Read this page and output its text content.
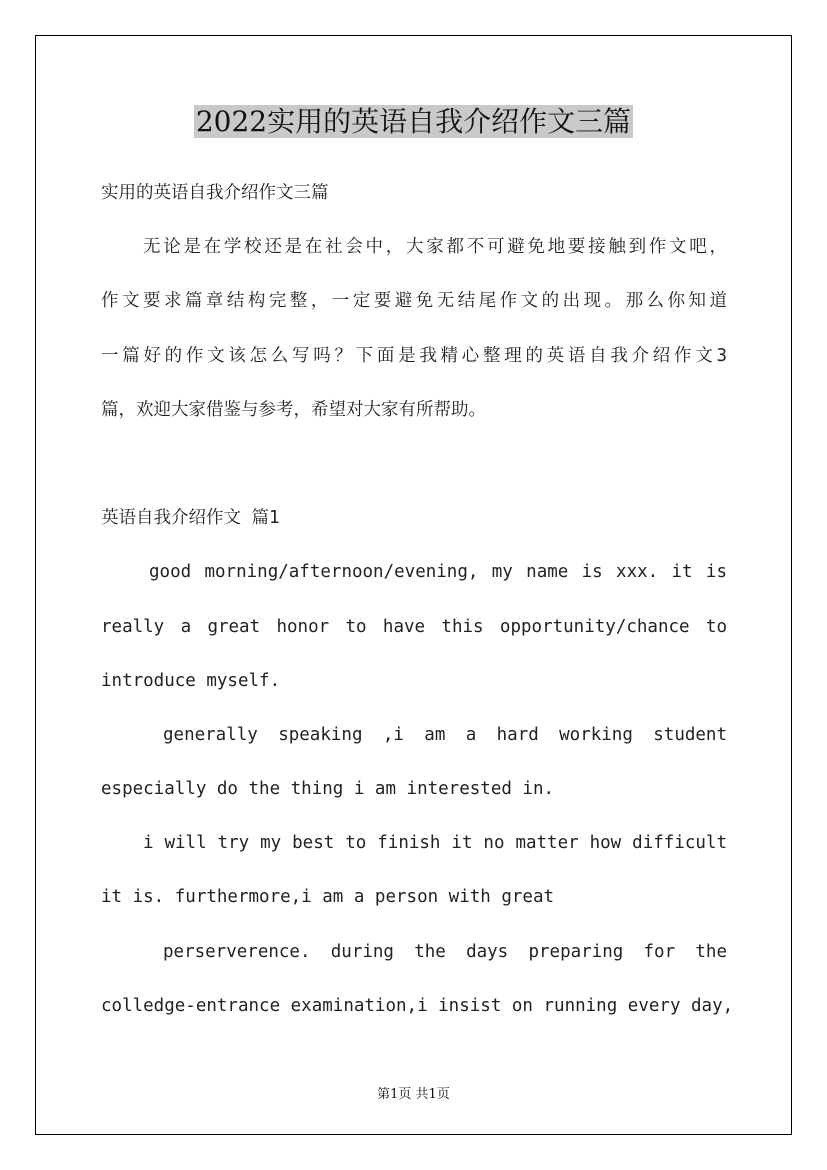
2022实用的英语自我介绍作文三篇
实用的英语自我介绍作文三篇
无论是在学校还是在社会中，大家都不可避免地要接触到作文吧，
作文要求篇章结构完整，一定要避免无结尾作文的出现。那么你知道
一篇好的作文该怎么写吗？下面是我精心整理的英语自我介绍作文3
篇，欢迎大家借鉴与参考，希望对大家有所帮助。
英语自我介绍作文 篇1
good morning/afternoon/evening, my name is xxx. it is
really a great honor to have this opportunity/chance to
introduce myself.
generally speaking ,i am a hard working student
especially do the thing i am interested in.
i will try my best to finish it no matter how difficult
it is. furthermore,i am a person with great
perserverence. during the days preparing for the
colledge-entrance examination,i insist on running every day,
第1页 共1页
